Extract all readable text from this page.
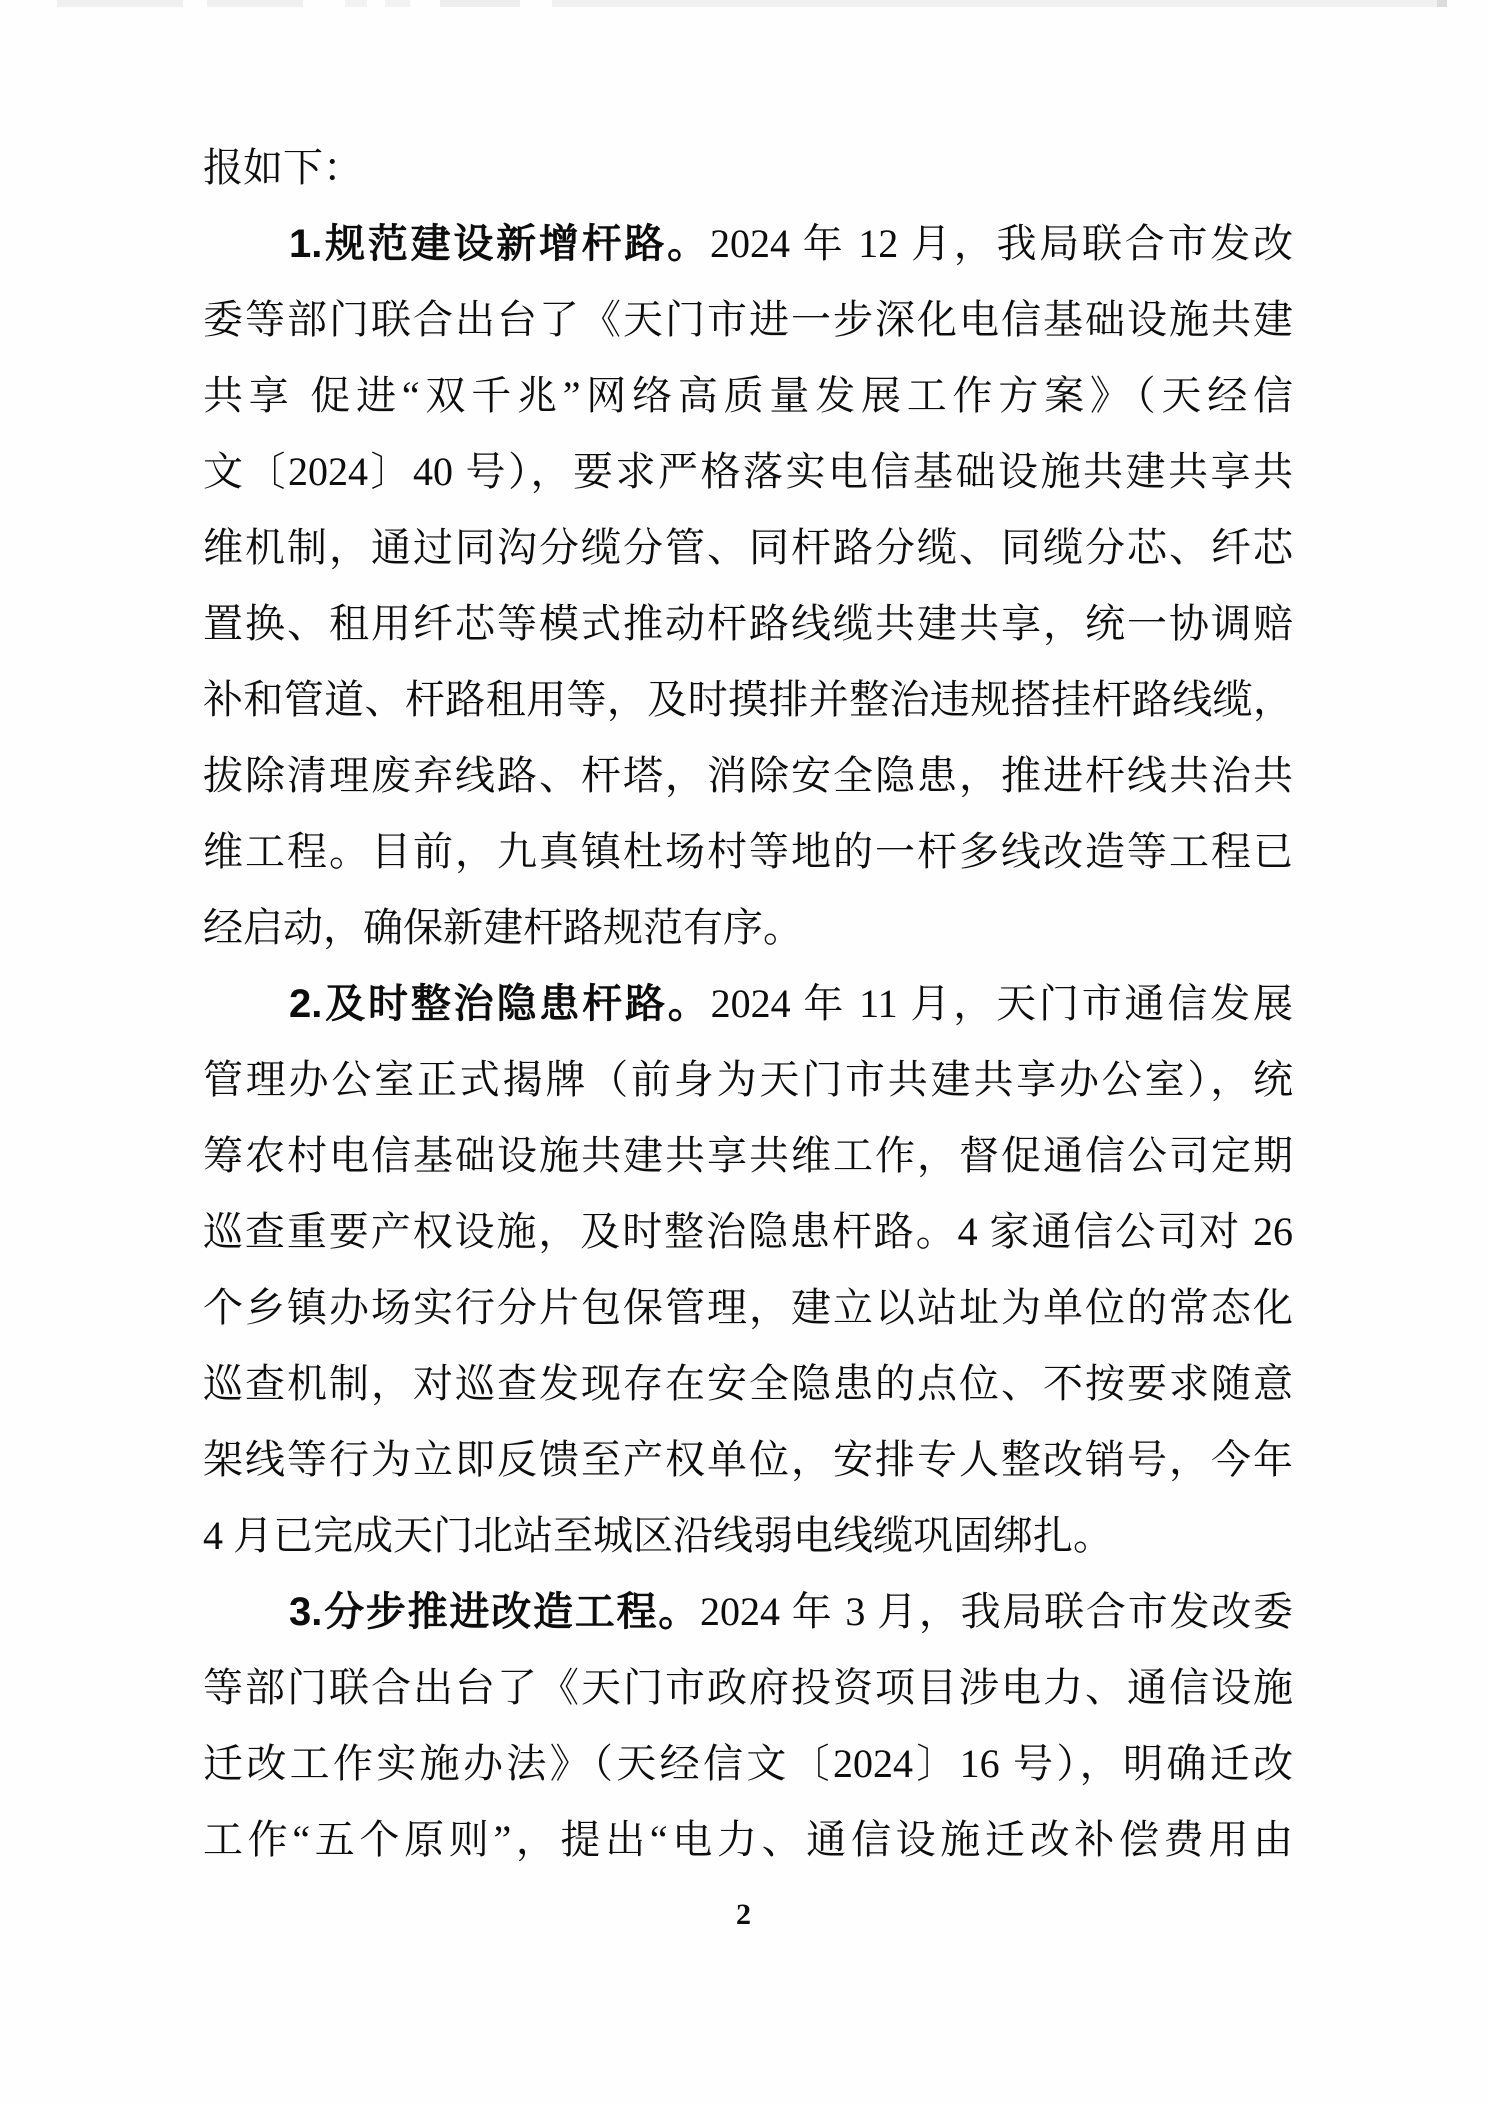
报如下：
1.规范建设新增杆路。2024 年 12 月，我局联合市发改
委等部门联合出台了《天门市进一步深化电信基础设施共建
共享 促进“双千兆”网络高质量发展工作方案》（天经信
文〔2024〕40 号），要求严格落实电信基础设施共建共享共
维机制，通过同沟分缆分管、同杆路分缆、同缆分芯、纤芯
置换、租用纤芯等模式推动杆路线缆共建共享，统一协调赔
补和管道、杆路租用等，及时摸排并整治违规搭挂杆路线缆，
拔除清理废弃线路、杆塔，消除安全隐患，推进杆线共治共
维工程。目前，九真镇杜场村等地的一杆多线改造等工程已
经启动，确保新建杆路规范有序。
2.及时整治隐患杆路。2024 年 11 月，天门市通信发展
管理办公室正式揭牌（前身为天门市共建共享办公室），统
筹农村电信基础设施共建共享共维工作，督促通信公司定期
巡查重要产权设施，及时整治隐患杆路。4 家通信公司对 26
个乡镇办场实行分片包保管理，建立以站址为单位的常态化
巡查机制，对巡查发现存在安全隐患的点位、不按要求随意
架线等行为立即反馈至产权单位，安排专人整改销号，今年
4 月已完成天门北站至城区沿线弱电线缆巩固绑扎。
3.分步推进改造工程。2024 年 3 月，我局联合市发改委
等部门联合出台了《天门市政府投资项目涉电力、通信设施
迁改工作实施办法》（天经信文〔2024〕16 号），明确迁改
工作“五个原则”，提出“电力、通信设施迁改补偿费用由
2
